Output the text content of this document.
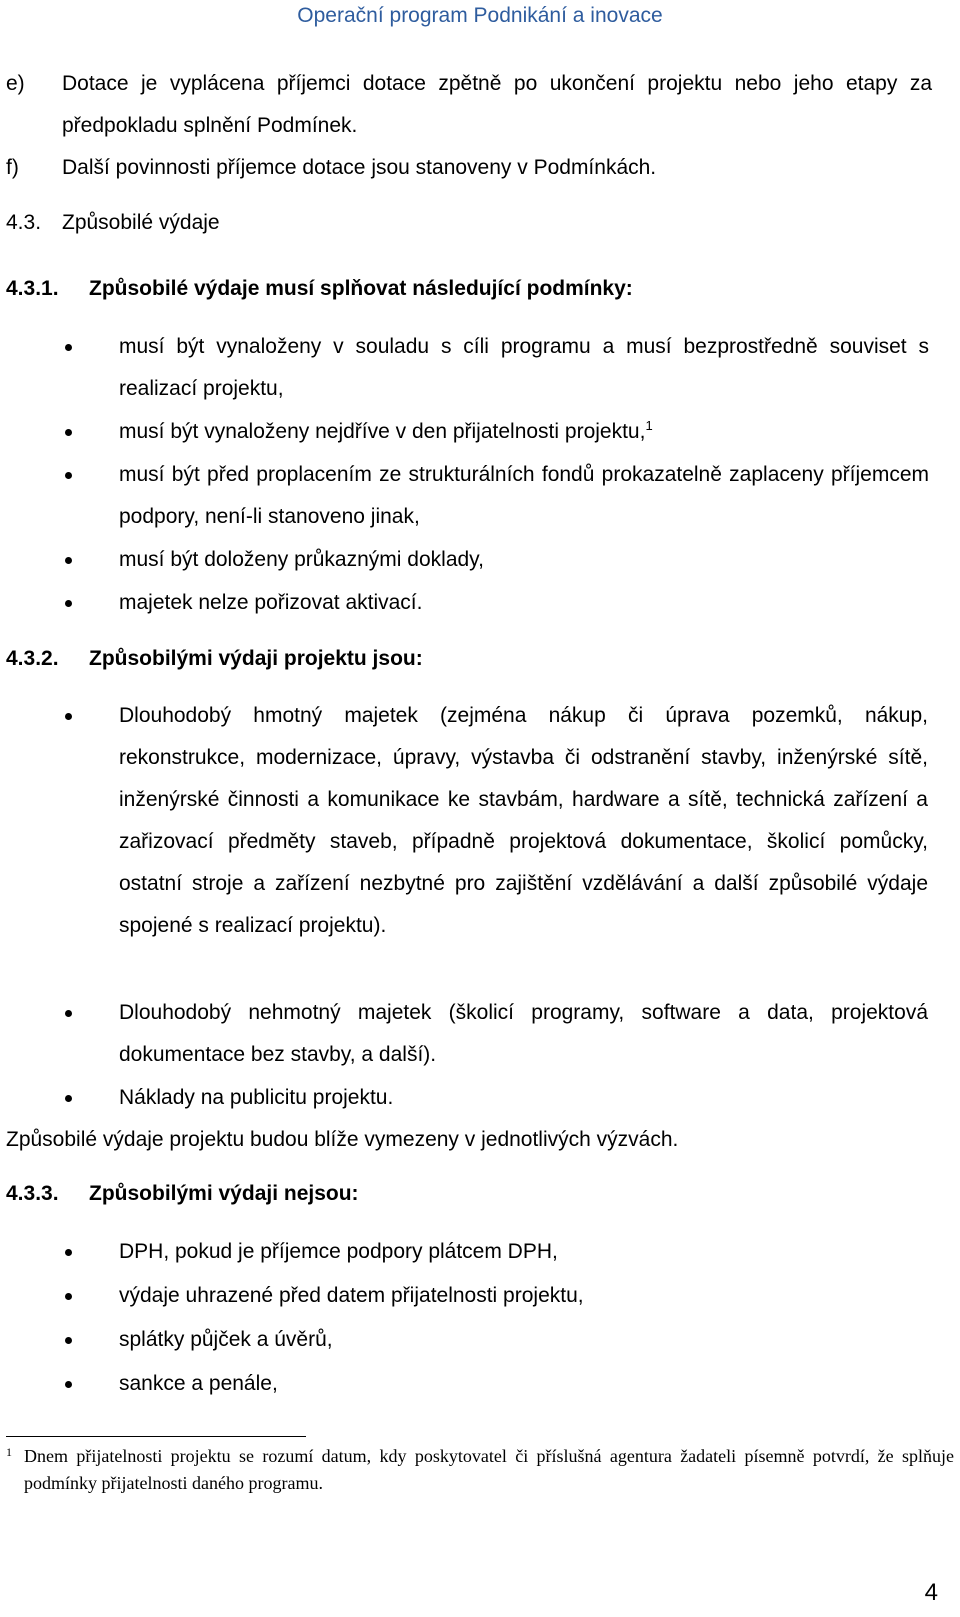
Operační program Podnikání a inovace
e) Dotace je vyplácena příjemci dotace zpětně po ukončení projektu nebo jeho etapy za předpokladu splnění Podmínek.
f) Další povinnosti příjemce dotace jsou stanoveny v Podmínkách.
4.3. Způsobilé výdaje
4.3.1. Způsobilé výdaje musí splňovat následující podmínky:
musí být vynaloženy v souladu s cíli programu a musí bezprostředně souviset s realizací projektu,
musí být vynaloženy nejdříve v den přijatelnosti projektu,$^1$
musí být před proplacením ze strukturálních fondů prokazatelně zaplaceny příjemcem podpory, není-li stanoveno jinak,
musí být doloženy průkaznými doklady,
majetek nelze pořizovat aktivací.
4.3.2. Způsobilými výdaji projektu jsou:
Dlouhodobý hmotný majetek (zejména nákup či úprava pozemků, nákup, rekonstrukce, modernizace, úpravy, výstavba či odstranění stavby, inženýrské sítě, inženýrské činnosti a komunikace ke stavbám, hardware a sítě, technická zařízení a zařizovací předměty staveb, případně projektová dokumentace, školicí pomůcky, ostatní stroje a zařízení nezbytné pro zajištění vzdělávání a další způsobilé výdaje spojené s realizací projektu).
Dlouhodobý nehmotný majetek (školicí programy, software a data, projektová dokumentace bez stavby, a další).
Náklady na publicitu projektu.
Způsobilé výdaje projektu budou blíže vymezeny v jednotlivých výzvách.
4.3.3. Způsobilými výdaji nejsou:
DPH, pokud je příjemce podpory plátcem DPH,
výdaje uhrazené před datem přijatelnosti projektu,
splátky půjček a úvěrů,
sankce a penále,
1 Dnem přijatelnosti projektu se rozumí datum, kdy poskytovatel či příslušná agentura žadateli písemně potvrdí, že splňuje podmínky přijatelnosti daného programu.
4
